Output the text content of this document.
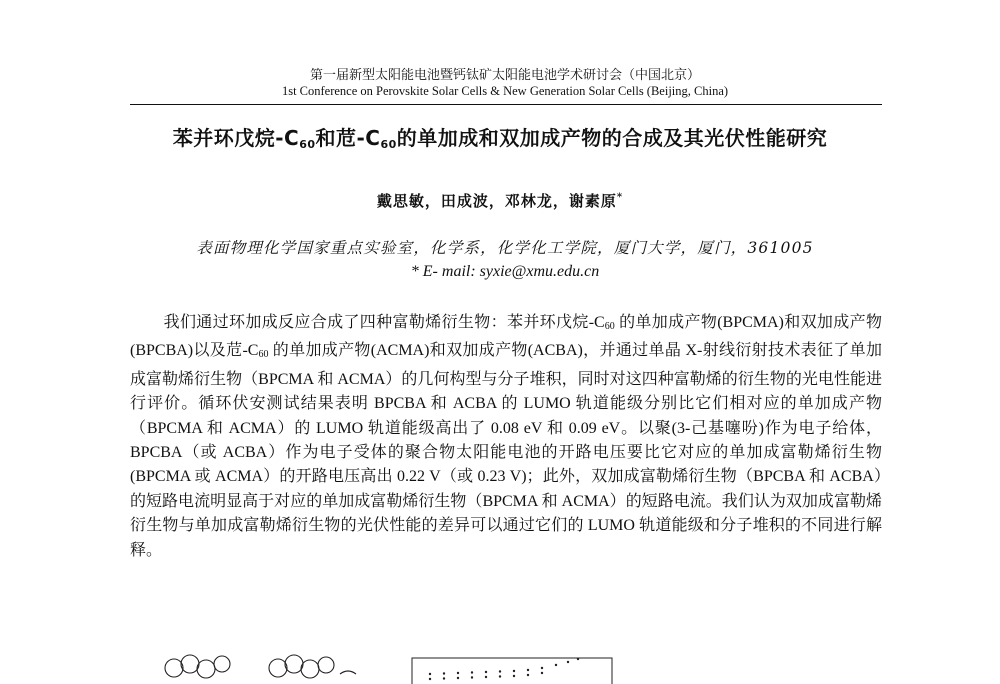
第一届新型太阳能电池暨钙钛矿太阳能电池学术研讨会（中国北京）
1st Conference on Perovskite Solar Cells & New Generation Solar Cells (Beijing, China)
苯并环戊烷$-C_{60}$和苊$-C_{60}$的单加成和双加成产物的合成及其光伏性能研究
戴思敏，田成波，邓林龙，谢素原*
表面物理化学国家重点实验室，化学系，化学化工学院，厦门大学，厦门，361005
* E- mail: syxie@xmu.edu.cn
我们通过环加成反应合成了四种富勒烯衍生物：苯并环戊烷$-C_{60}$ 的单加成产物(BPCMA)和双加成产物(BPCBA)以及苊$-C_{60}$ 的单加成产物(ACMA)和双加成产物(ACBA)，并通过单晶 X-射线衍射技术表征了单加成富勒烯衍生物（BPCMA 和 ACMA）的几何构型与分子堆积，同时对这四种富勒烯的衍生物的光电性能进行评价。循环伏安测试结果表明 BPCBA 和 ACBA 的 LUMO 轨道能级分别比它们相对应的单加成产物（BPCMA 和 ACMA）的 LUMO 轨道能级高出了 0.08 eV 和 0.09 eV。以聚(3-己基噻吩)作为电子给体，BPCBA（或 ACBA）作为电子受体的聚合物太阳能电池的开路电压要比它对应的单加成富勒烯衍生物(BPCMA 或 ACMA）的开路电压高出 0.22 V（或 0.23 V)；此外，双加成富勒烯衍生物（BPCBA 和 ACBA）的短路电流明显高于对应的单加成富勒烯衍生物（BPCMA 和 ACMA）的短路电流。我们认为双加成富勒烯衍生物与单加成富勒烯衍生物的光伏性能的差异可以通过它们的 LUMO 轨道能级和分子堆积的不同进行解释。
